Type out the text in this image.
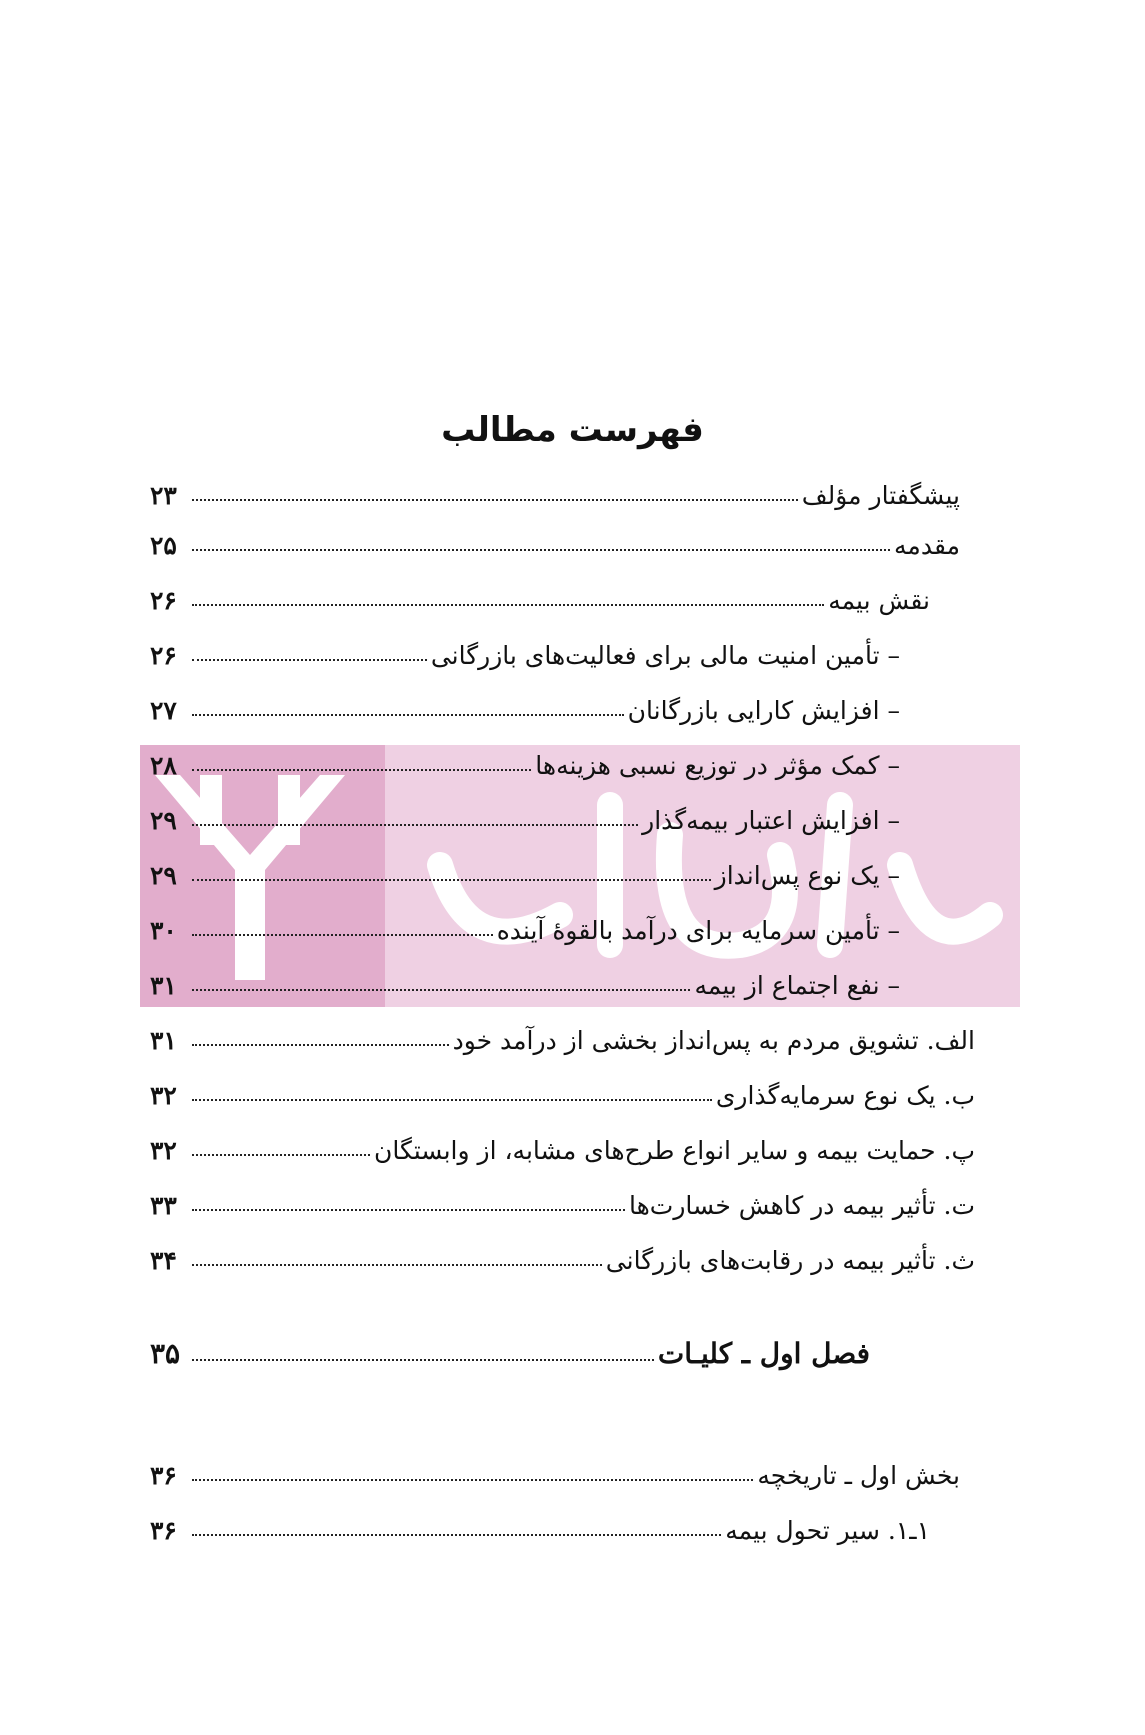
فهرست مطالب
پیشگفتار مؤلف
۲۳
مقدمه
۲۵
نقش بیمه
۲۶
– تأمین امنیت مالی برای فعالیت‌های بازرگانی
۲۶
– افزایش کارایی بازرگانان
۲۷
– کمک مؤثر در توزیع نسبی هزینه‌ها
۲۸
– افزایش اعتبار بیمه‌گذار
۲۹
– یک نوع پس‌انداز
۲۹
– تأمین سرمایه برای درآمد بالقوهٔ آینده
۳۰
– نفع اجتماع از بیمه
۳۱
الف. تشویق مردم به پس‌انداز بخشی از درآمد خود
۳۱
ب. یک نوع سرمایه‌گذاری
۳۲
پ. حمایت بیمه و سایر انواع طرح‌های مشابه، از وابستگان
۳۲
ت. تأثیر بیمه در کاهش خسارت‌ها
۳۳
ث. تأثیر بیمه در رقابت‌های بازرگانی
۳۴
فصل اول ـ کلیـات
۳۵
بخش اول ـ تاریخچه
۳۶
۱ـ۱. سیر تحول بیمه
۳۶
